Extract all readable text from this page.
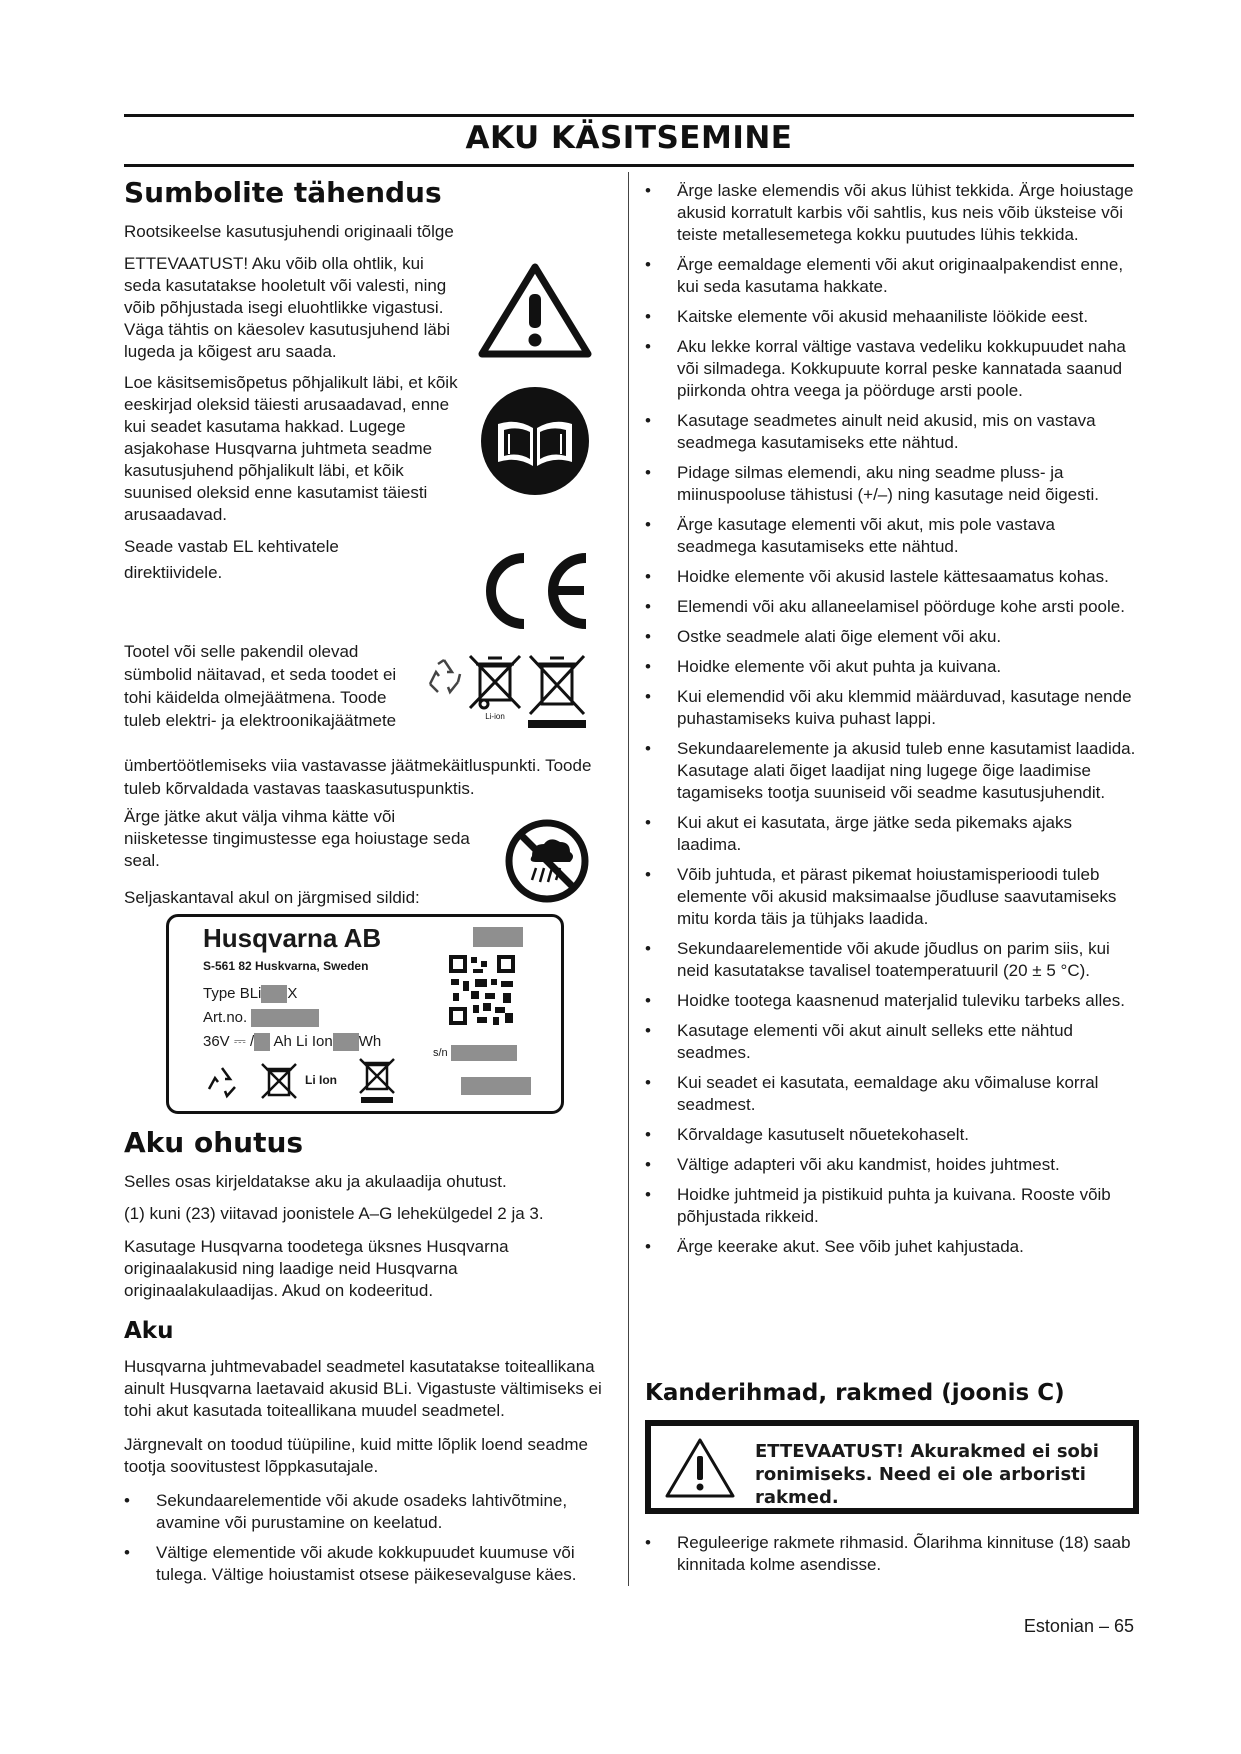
AKU KÄSITSEMINE
Sumbolite tähendus

Rootsikeelse kasutusjuhendi originaali tõlge

ETTEVAATUST! Aku võib olla ohtlik, kui seda kasutatakse hooletult või valesti, ning võib põhjustada isegi eluohtlikke vigastusi. Väga tähtis on käesolev kasutusjuhend läbi lugeda ja kõigest aru saada.

Loe käsitsemisõpetus põhjalikult läbi, et kõik eeskirjad oleksid täiesti arusaadavad, enne kui seadet kasutama hakkad. Lugege asjakohase Husqvarna juhtmeta seadme kasutusjuhend põhjalikult läbi, et kõik suunised oleksid enne kasutamist täiesti arusaadavad.

Seade vastab EL kehtivatele direktiividele.

Tootel või selle pakendil olevad sümbolid näitavad, et seda toodet ei tohi käidelda olmejäätmena. Toode tuleb elektri- ja elektroonikajäätmete

ümbertöötlemiseks viia vastavasse jäätmekäitluspunkti. Toode tuleb kõrvaldada vastavas taaskasutuspunktis.

Li-ion

Ärge jätke akut välja vihma kätte või niisketesse tingimustesse ega hoiustage seda seal.

Seljaskantaval akul on järgmised sildid:

Husqvarna AB
S-561 82 Huskvarna, Sweden
Type BLi X
Art.no.
36V ⎓ / Ah Li Ion Wh
s/n
Li Ion
Aku ohutus

Selles osas kirjeldatakse aku ja akulaadija ohutust.

(1) kuni (23) viitavad joonistele A–G lehekülgedel 2 ja 3.

Kasutage Husqvarna toodetega üksnes Husqvarna originaalakusid ning laadige neid Husqvarna originaalakulaadijas. Akud on kodeeritud.

Aku

Husqvarna juhtmevabadel seadmetel kasutatakse toiteallikana ainult Husqvarna laetavaid akusid BLi. Vigastuste vältimiseks ei tohi akut kasutada toiteallikana muudel seadmetel.

Järgnevalt on toodud tüüpiline, kuid mitte lõplik loend seadme tootja soovitustest lõppkasutajale.

• Sekundaarelementide või akude osadeks lahtivõtmine, avamine või purustamine on keelatud.
• Vältige elementide või akude kokkupuudet kuumuse või tulega. Vältige hoiustamist otsese päikesevalguse käes.
• Ärge laske elemendis või akus lühist tekkida. Ärge hoiustage akusid korratult karbis või sahtlis, kus neis võib üksteise või teiste metallesemetega kokku puutudes lühis tekkida.
• Ärge eemaldage elementi või akut originaalpakendist enne, kui seda kasutama hakkate.
• Kaitske elemente või akusid mehaaniliste löökide eest.
• Aku lekke korral vältige vastava vedeliku kokkupuudet naha või silmadega. Kokkupuute korral peske kannatada saanud piirkonda ohtra veega ja pöörduge arsti poole.
• Kasutage seadmetes ainult neid akusid, mis on vastava seadmega kasutamiseks ette nähtud.
• Pidage silmas elemendi, aku ning seadme pluss- ja miinuspooluse tähistusi (+/–) ning kasutage neid õigesti.
• Ärge kasutage elementi või akut, mis pole vastava seadmega kasutamiseks ette nähtud.
• Hoidke elemente või akusid lastele kättesaamatus kohas.
• Elemendi või aku allaneelamisel pöörduge kohe arsti poole.
• Ostke seadmele alati õige element või aku.
• Hoidke elemente või akut puhta ja kuivana.
• Kui elemendid või aku klemmid määrduvad, kasutage nende puhastamiseks kuiva puhast lappi.
• Sekundaarelemente ja akusid tuleb enne kasutamist laadida. Kasutage alati õiget laadijat ning lugege õige laadimise tagamiseks tootja suuniseid või seadme kasutusjuhendit.
• Kui akut ei kasutata, ärge jätke seda pikemaks ajaks laadima.
• Võib juhtuda, et pärast pikemat hoiustamisperioodi tuleb elemente või akusid maksimaalse jõudluse saavutamiseks mitu korda täis ja tühjaks laadida.
• Sekundaarelementide või akude jõudlus on parim siis, kui neid kasutatakse tavalisel toatemperatuuril (20 ± 5 °C).
• Hoidke tootega kaasnenud materjalid tuleviku tarbeks alles.
• Kasutage elementi või akut ainult selleks ette nähtud seadmes.
• Kui seadet ei kasutata, eemaldage aku võimaluse korral seadmest.
• Kõrvaldage kasutuselt nõuetekohaselt.
• Vältige adapteri või aku kandmist, hoides juhtmest.
• Hoidke juhtmeid ja pistikuid puhta ja kuivana. Rooste võib põhjustada rikkeid.
• Ärge keerake akut. See võib juhet kahjustada.
Kanderihmad, rakmed (joonis C)
ETTEVAATUST! Akurakmed ei sobi ronimiseks. Need ei ole arboristi rakmed.
• Reguleerige rakmete rihmasid. Õlarihma kinnituse (18) saab kinnitada kolme asendisse.
Estonian – 65
